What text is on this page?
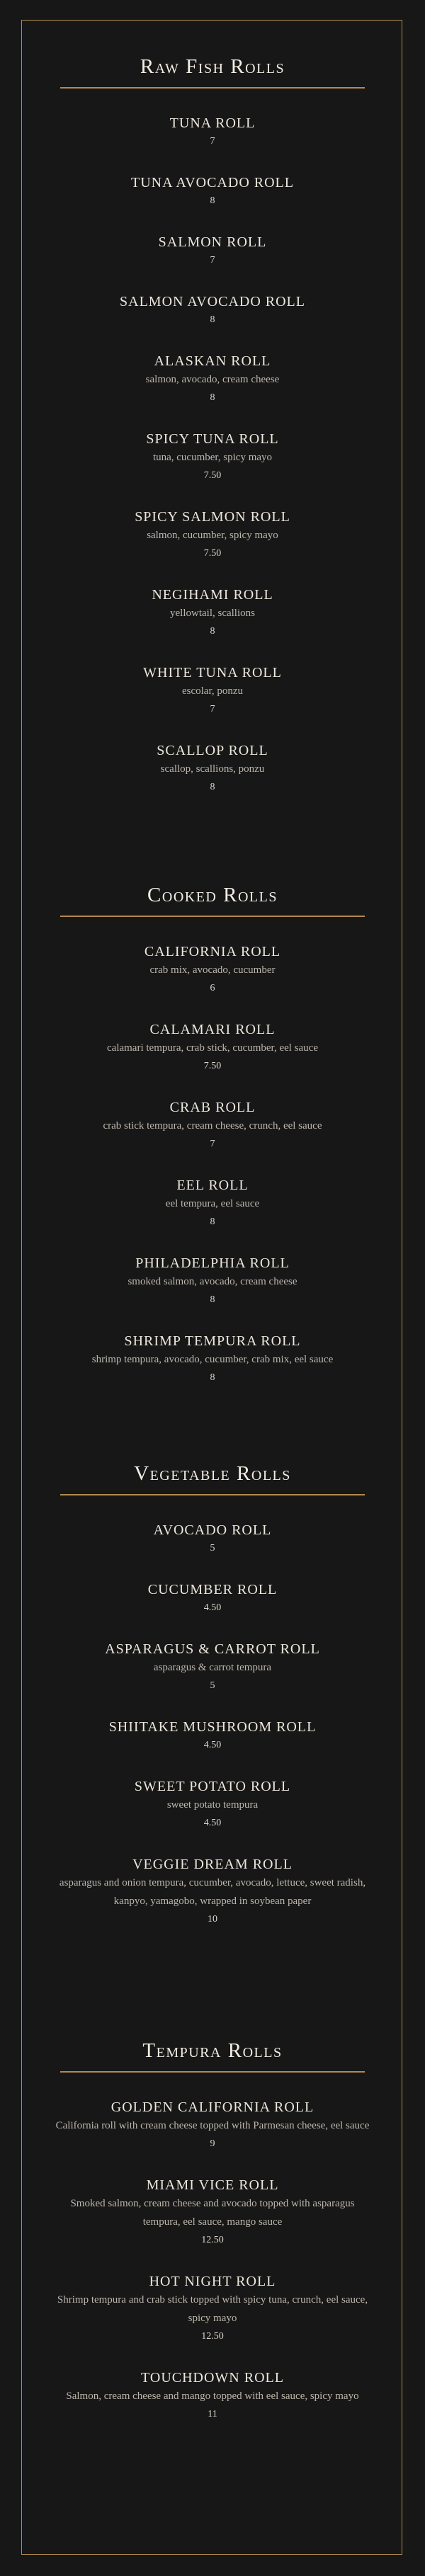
Raw Fish Rolls
TUNA ROLL
7
TUNA AVOCADO ROLL
8
SALMON ROLL
7
SALMON AVOCADO ROLL
8
ALASKAN ROLL
salmon, avocado, cream cheese
8
SPICY TUNA ROLL
tuna, cucumber, spicy mayo
7.50
SPICY SALMON ROLL
salmon, cucumber, spicy mayo
7.50
NEGIHAMI ROLL
yellowtail, scallions
8
WHITE TUNA ROLL
escolar, ponzu
7
SCALLOP ROLL
scallop, scallions, ponzu
8
Cooked Rolls
CALIFORNIA ROLL
crab mix, avocado, cucumber
6
CALAMARI ROLL
calamari tempura, crab stick, cucumber, eel sauce
7.50
CRAB ROLL
crab stick tempura, cream cheese, crunch, eel sauce
7
EEL ROLL
eel tempura, eel sauce
8
PHILADELPHIA ROLL
smoked salmon, avocado, cream cheese
8
SHRIMP TEMPURA ROLL
shrimp tempura, avocado, cucumber, crab mix, eel sauce
8
Vegetable Rolls
AVOCADO ROLL
5
CUCUMBER ROLL
4.50
ASPARAGUS & CARROT ROLL
asparagus & carrot tempura
5
SHIITAKE MUSHROOM ROLL
4.50
SWEET POTATO ROLL
sweet potato tempura
4.50
VEGGIE DREAM ROLL
asparagus and onion tempura, cucumber, avocado, lettuce, sweet radish, kanpyo, yamagobo, wrapped in soybean paper
10
Tempura Rolls
GOLDEN CALIFORNIA ROLL
California roll with cream cheese topped with Parmesan cheese, eel sauce
9
MIAMI VICE ROLL
Smoked salmon, cream cheese and avocado topped with asparagus tempura, eel sauce, mango sauce
12.50
HOT NIGHT ROLL
Shrimp tempura and crab stick topped with spicy tuna, crunch, eel sauce, spicy mayo
12.50
TOUCHDOWN ROLL
Salmon, cream cheese and mango topped with eel sauce, spicy mayo
11
